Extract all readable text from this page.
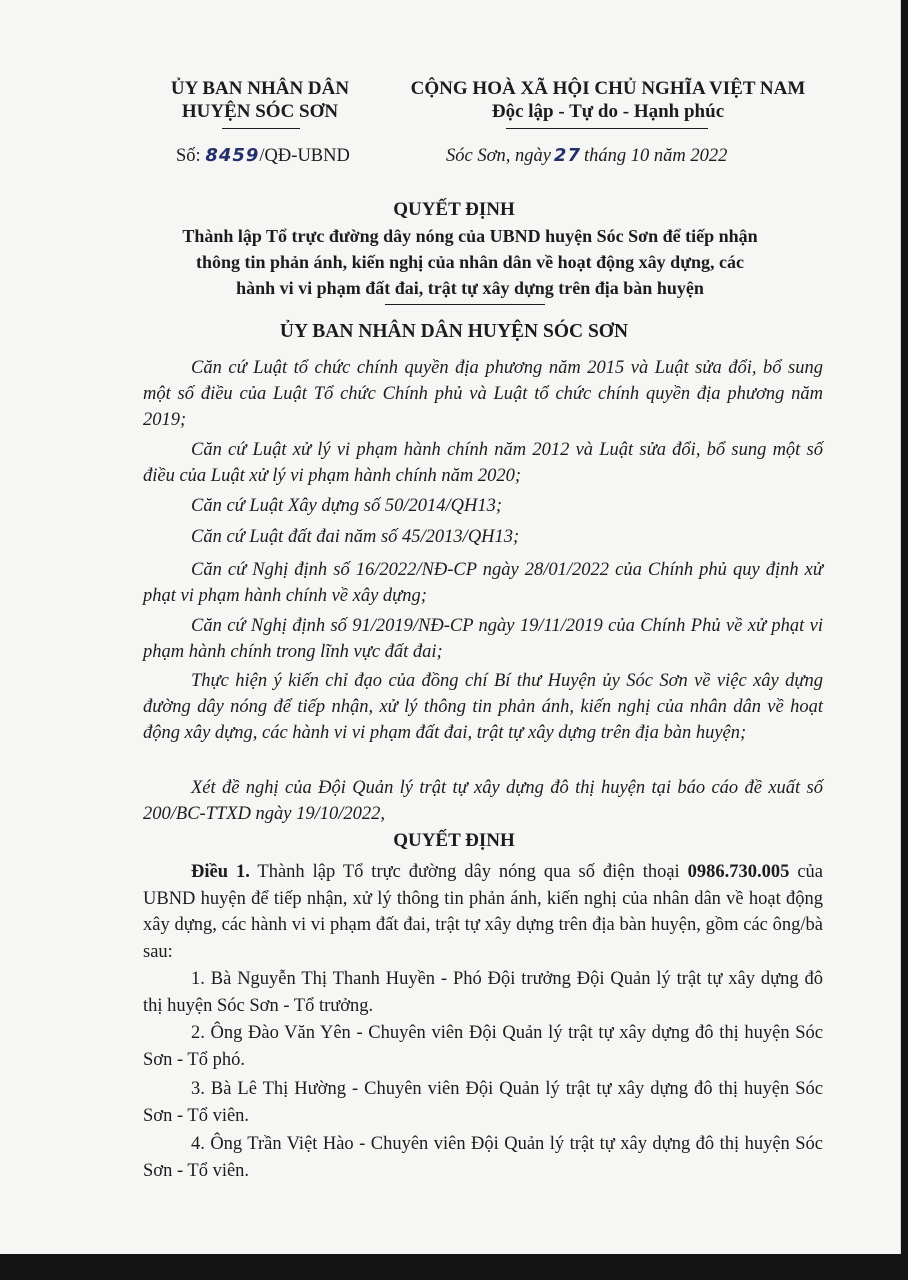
ỦY BAN NHÂN DÂN
HUYỆN SÓC SƠN
CỘNG HOÀ XÃ HỘI CHỦ NGHĨA VIỆT NAM
Độc lập - Tự do - Hạnh phúc
Số: 8459/QĐ-UBND	Sóc Sơn, ngày 27 tháng 10 năm 2022
QUYẾT ĐỊNH
Thành lập Tổ trực đường dây nóng của UBND huyện Sóc Sơn để tiếp nhận
thông tin phản ánh, kiến nghị của nhân dân về hoạt động xây dựng, các
hành vi vi phạm đất đai, trật tự xây dựng trên địa bàn huyện
ỦY BAN NHÂN DÂN HUYỆN SÓC SƠN
Căn cứ Luật tổ chức chính quyền địa phương năm 2015 và Luật sửa đổi, bổ sung một số điều của Luật Tổ chức Chính phủ và Luật tổ chức chính quyền địa phương năm 2019;
Căn cứ Luật xử lý vi phạm hành chính năm 2012 và Luật sửa đổi, bổ sung một số điều của Luật xử lý vi phạm hành chính năm 2020;
Căn cứ Luật Xây dựng số 50/2014/QH13;
Căn cứ Luật đất đai năm số 45/2013/QH13;
Căn cứ Nghị định số 16/2022/NĐ-CP ngày 28/01/2022 của Chính phủ quy định xử phạt vi phạm hành chính về xây dựng;
Căn cứ Nghị định số 91/2019/NĐ-CP ngày 19/11/2019 của Chính Phủ về xử phạt vi phạm hành chính trong lĩnh vực đất đai;
Thực hiện ý kiến chỉ đạo của đồng chí Bí thư Huyện ủy Sóc Sơn về việc xây dựng đường dây nóng để tiếp nhận, xử lý thông tin phản ánh, kiến nghị của nhân dân về hoạt động xây dựng, các hành vi vi phạm đất đai, trật tự xây dựng trên địa bàn huyện;
Xét đề nghị của Đội Quản lý trật tự xây dựng đô thị huyện tại báo cáo đề xuất số 200/BC-TTXD ngày 19/10/2022,
QUYẾT ĐỊNH
Điều 1. Thành lập Tổ trực đường dây nóng qua số điện thoại 0986.730.005 của UBND huyện để tiếp nhận, xử lý thông tin phản ánh, kiến nghị của nhân dân về hoạt động xây dựng, các hành vi vi phạm đất đai, trật tự xây dựng trên địa bàn huyện, gồm các ông/bà sau:
1. Bà Nguyễn Thị Thanh Huyền - Phó Đội trưởng Đội Quản lý trật tự xây dựng đô thị huyện Sóc Sơn - Tổ trưởng.
2. Ông Đào Văn Yên - Chuyên viên Đội Quản lý trật tự xây dựng đô thị huyện Sóc Sơn - Tổ phó.
3. Bà Lê Thị Hường - Chuyên viên Đội Quản lý trật tự xây dựng đô thị huyện Sóc Sơn - Tổ viên.
4. Ông Trần Việt Hào - Chuyên viên Đội Quản lý trật tự xây dựng đô thị huyện Sóc Sơn - Tổ viên.
